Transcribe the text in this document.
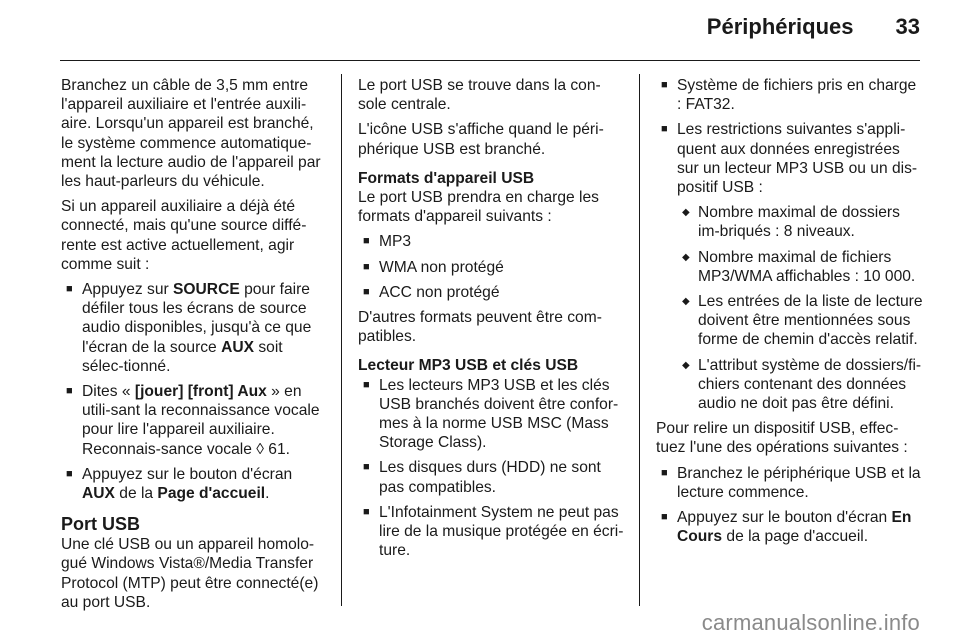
Périphériques 33

Branchez un câble de 3,5 mm entre l'appareil auxiliaire et l'entrée auxili-aire. Lorsqu'un appareil est branché, le système commence automatique-ment la lecture audio de l'appareil par les haut-parleurs du véhicule.

Si un appareil auxiliaire a déjà été connecté, mais qu'une source diffé-rente est active actuellement, agir comme suit :

■ Appuyez sur SOURCE pour faire défiler tous les écrans de source audio disponibles, jusqu'à ce que l'écran de la source AUX soit sélec-tionné.
■ Dites « [jouer] [front] Aux » en utili-sant la reconnaissance vocale pour lire l'appareil auxiliaire. Reconnais-sance vocale ◊ 61.
■ Appuyez sur le bouton d'écran AUX de la Page d'accueil.
Port USB

Une clé USB ou un appareil homolo-gué Windows Vista®/Media Transfer Protocol (MTP) peut être connecté(e) au port USB.

Le port USB se trouve dans la con-sole centrale.

L'icône USB s'affiche quand le péri-phérique USB est branché.

Formats d'appareil USB

Le port USB prendra en charge les formats d'appareil suivants :

■ MP3
■ WMA non protégé
■ ACC non protégé

D'autres formats peuvent être com-patibles.

Lecteur MP3 USB et clés USB
■ Les lecteurs MP3 USB et les clés USB branchés doivent être confor-mes à la norme USB MSC (Mass Storage Class).
■ Les disques durs (HDD) ne sont pas compatibles.
■ L'Infotainment System ne peut pas lire de la musique protégée en écri-ture.
■ Système de fichiers pris en charge : FAT32.
■ Les restrictions suivantes s'appli-quent aux données enregistrées sur un lecteur MP3 USB ou un dis-positif USB :
◆ Nombre maximal de dossiers im-briqués : 8 niveaux.
◆ Nombre maximal de fichiers MP3/WMA affichables : 10 000.
◆ Les entrées de la liste de lecture doivent être mentionnées sous forme de chemin d'accès relatif.
◆ L'attribut système de dossiers/fi-chiers contenant des données audio ne doit pas être défini.

Pour relire un dispositif USB, effec-tuez l'une des opérations suivantes :

■ Branchez le périphérique USB et la lecture commence.
■ Appuyez sur le bouton d'écran En Cours de la page d'accueil.
carmanualsonline.info
